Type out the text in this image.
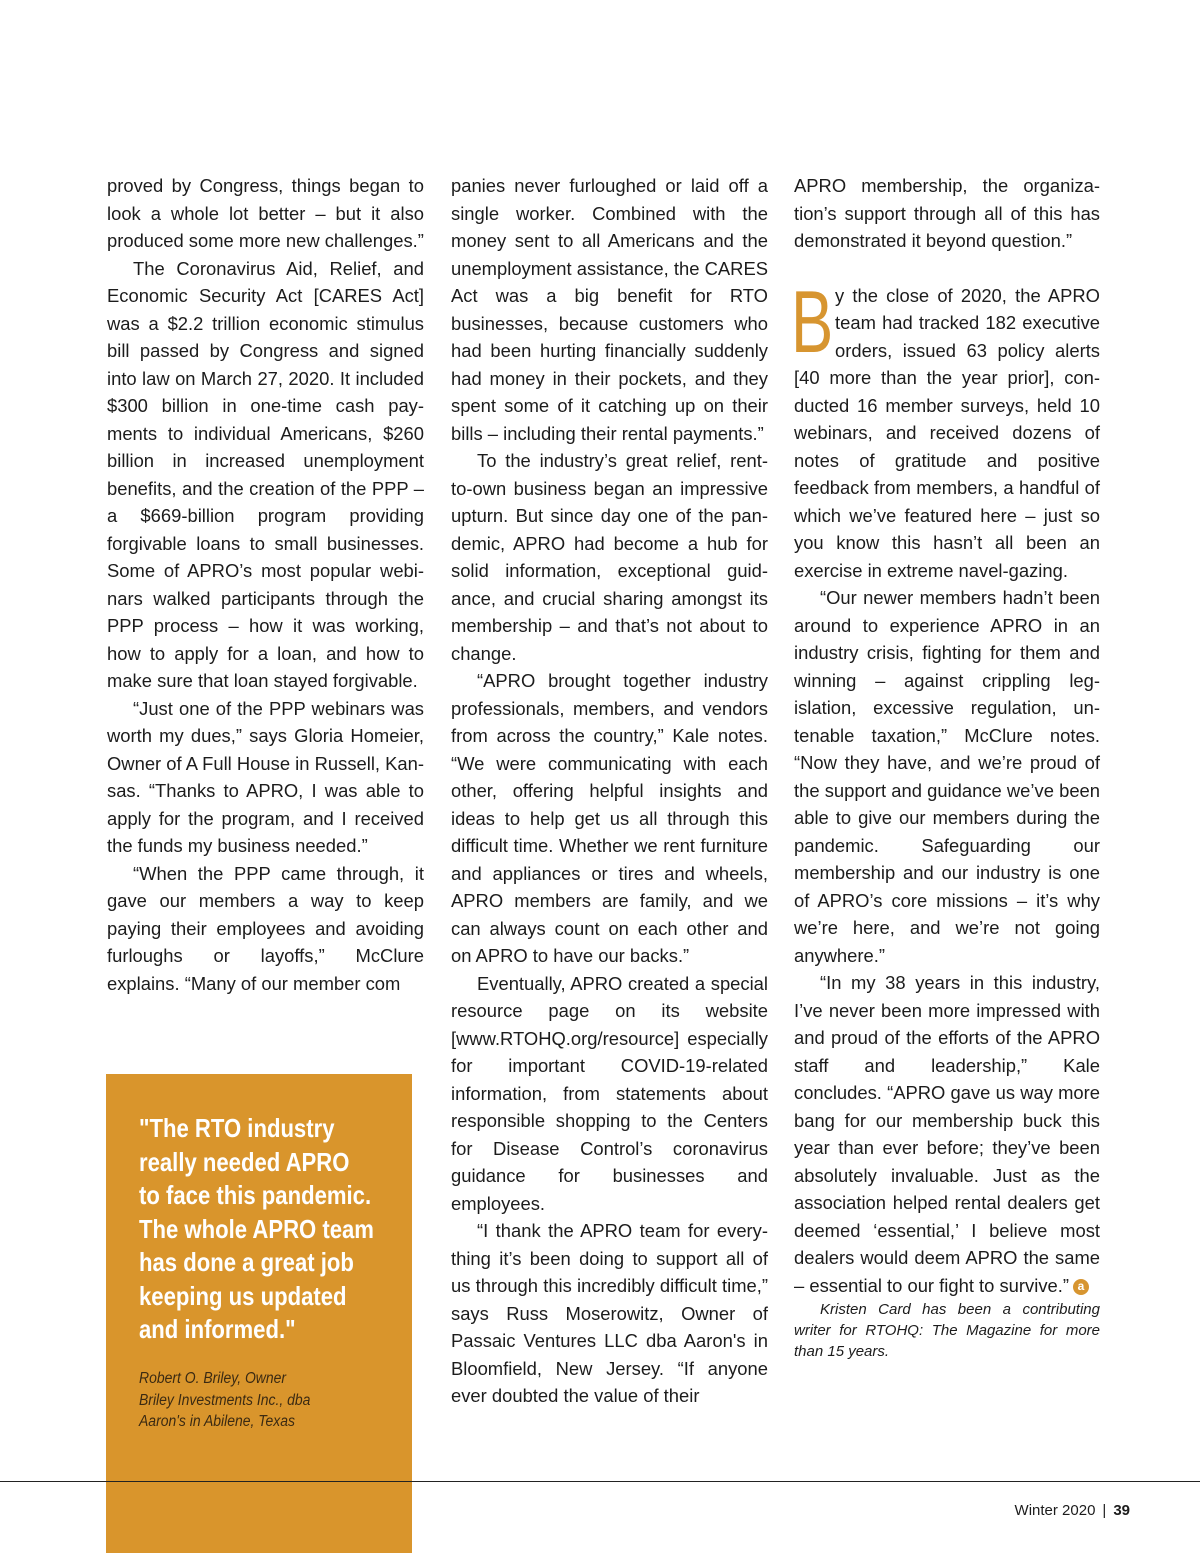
proved by Congress, things began to look a whole lot better – but it also produced some more new challenges.”

The Coronavirus Aid, Relief, and Economic Security Act [CARES Act] was a $2.2 trillion economic stimulus bill passed by Congress and signed into law on March 27, 2020. It included $300 billion in one-time cash payments to individual Americans, $260 billion in increased unemployment benefits, and the creation of the PPP – a $669-billion program providing forgivable loans to small businesses. Some of APRO’s most popular webinars walked participants through the PPP process – how it was working, how to apply for a loan, and how to make sure that loan stayed forgivable.

“Just one of the PPP webinars was worth my dues,” says Gloria Homeier, Owner of A Full House in Russell, Kansas. “Thanks to APRO, I was able to apply for the program, and I received the funds my business needed.”

“When the PPP came through, it gave our members a way to keep paying their employees and avoiding furloughs or layoffs,” McClure explains. “Many of our member com

panies never furloughed or laid off a single worker. Combined with the money sent to all Americans and the unemployment assistance, the CARES Act was a big benefit for RTO businesses, because customers who had been hurting financially suddenly had money in their pockets, and they spent some of it catching up on their bills – including their rental payments.”

To the industry’s great relief, rent-to-own business began an impressive upturn. But since day one of the pandemic, APRO had become a hub for solid information, exceptional guidance, and crucial sharing amongst its membership – and that’s not about to change.

“APRO brought together industry professionals, members, and vendors from across the country,” Kale notes. “We were communicating with each other, offering helpful insights and ideas to help get us all through this difficult time. Whether we rent furniture and appliances or tires and wheels, APRO members are family, and we can always count on each other and on APRO to have our backs.”

Eventually, APRO created a special resource page on its website [www.RTOHQ.org/resource] especially for important COVID-19-related information, from statements about responsible shopping to the Centers for Disease Control’s coronavirus guidance for businesses and employees.

“I thank the APRO team for everything it’s been doing to support all of us through this incredibly difficult time,” says Russ Moserowitz, Owner of Passaic Ventures LLC dba Aaron's in Bloomfield, New Jersey. “If anyone ever doubted the value of their

APRO membership, the organization’s support through all of this has demonstrated it beyond question.”

B y the close of 2020, the APRO team had tracked 182 executive orders, issued 63 policy alerts [40 more than the year prior], conducted 16 member surveys, held 10 webinars, and received dozens of notes of gratitude and positive feedback from members, a handful of which we’ve featured here – just so you know this hasn’t all been an exercise in extreme navel-gazing.

“Our newer members hadn’t been around to experience APRO in an industry crisis, fighting for them and winning – against crippling legislation, excessive regulation, untenable taxation,” McClure notes. “Now they have, and we’re proud of the support and guidance we’ve been able to give our members during the pandemic. Safeguarding our membership and our industry is one of APRO’s core missions – it’s why we’re here, and we’re not going anywhere.”

“In my 38 years in this industry, I’ve never been more impressed with and proud of the efforts of the APRO staff and leadership,” Kale concludes. “APRO gave us way more bang for our membership buck this year than ever before; they’ve been absolutely invaluable. Just as the association helped rental dealers get deemed ‘essential,’ I believe most dealers would deem APRO the same – essential to our fight to survive.” a

Kristen Card has been a contributing writer for RTOHQ: The Magazine for more than 15 years.

"The RTO industry
really needed APRO
to face this pandemic.
The whole APRO team
has done a great job
keeping us updated
and informed."
Robert O. Briley, Owner
Briley Investments Inc., dba
Aaron's in Abilene, Texas
Winter 2020 | 39
